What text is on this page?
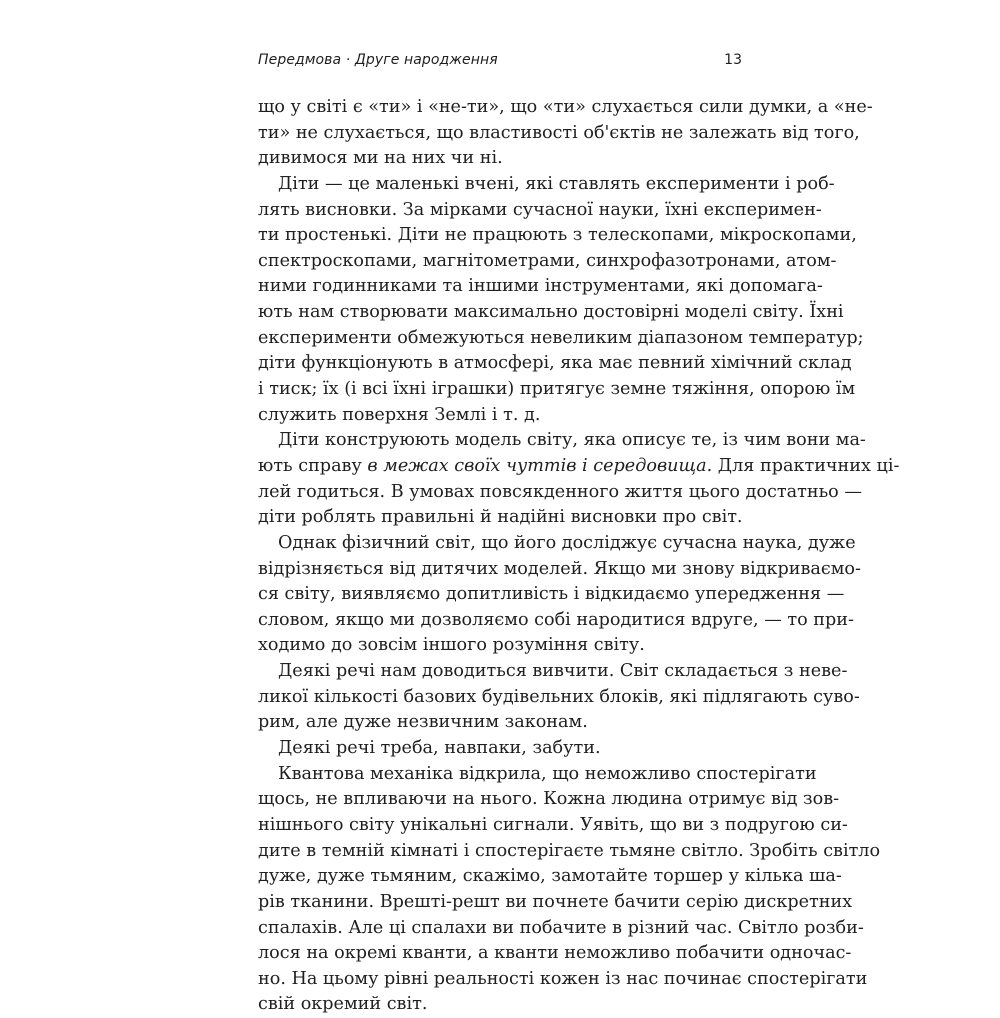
Передмова · Друге народження	13
що у світі є «ти» і «не-ти», що «ти» слухається сили думки, а «не-
ти» не слухається, що властивості об'єктів не залежать від того,
дивимося ми на них чи ні.
Діти — це маленькі вчені, які ставлять експерименти і роб-
лять висновки. За мірками сучасної науки, їхні експеримен-
ти простенькі. Діти не працюють з телескопами, мікроскопами,
спектроскопами, магнітометрами, синхрофазотронами, атом-
ними годинниками та іншими інструментами, які допомага-
ють нам створювати максимально достовірні моделі світу. Їхні
експерименти обмежуються невеликим діапазоном температур;
діти функціонують в атмосфері, яка має певний хімічний склад
і тиск; їх (і всі їхні іграшки) притягує земне тяжіння, опорою їм
служить поверхня Землі і т. д.
Діти конструюють модель світу, яка описує те, із чим вони ма-
ють справу в межах своїх чуттів і середовища. Для практичних ці-
лей годиться. В умовах повсякденного життя цього достатньо —
діти роблять правильні й надійні висновки про світ.
Однак фізичний світ, що його досліджує сучасна наука, дуже
відрізняється від дитячих моделей. Якщо ми знову відкриваємо-
ся світу, виявляємо допитливість і відкидаємо упередження —
словом, якщо ми дозволяємо собі народитися вдруге, — то при-
ходимо до зовсім іншого розуміння світу.
Деякі речі нам доводиться вивчити. Світ складається з неве-
ликої кількості базових будівельних блоків, які підлягають суво-
рим, але дуже незвичним законам.
Деякі речі треба, навпаки, забути.
Квантова механіка відкрила, що неможливо спостерігати
щось, не впливаючи на нього. Кожна людина отримує від зов-
нішнього світу унікальні сигнали. Уявіть, що ви з подругою си-
дите в темній кімнаті і спостерігаєте тьмяне світло. Зробіть світло
дуже, дуже тьмяним, скажімо, замотайте торшер у кілька ша-
рів тканини. Врешті-решт ви почнете бачити серію дискретних
спалахів. Але ці спалахи ви побачите в різний час. Світло розби-
лося на окремі кванти, а кванти неможливо побачити одночас-
но. На цьому рівні реальності кожен із нас починає спостерігати
свій окремий світ.
